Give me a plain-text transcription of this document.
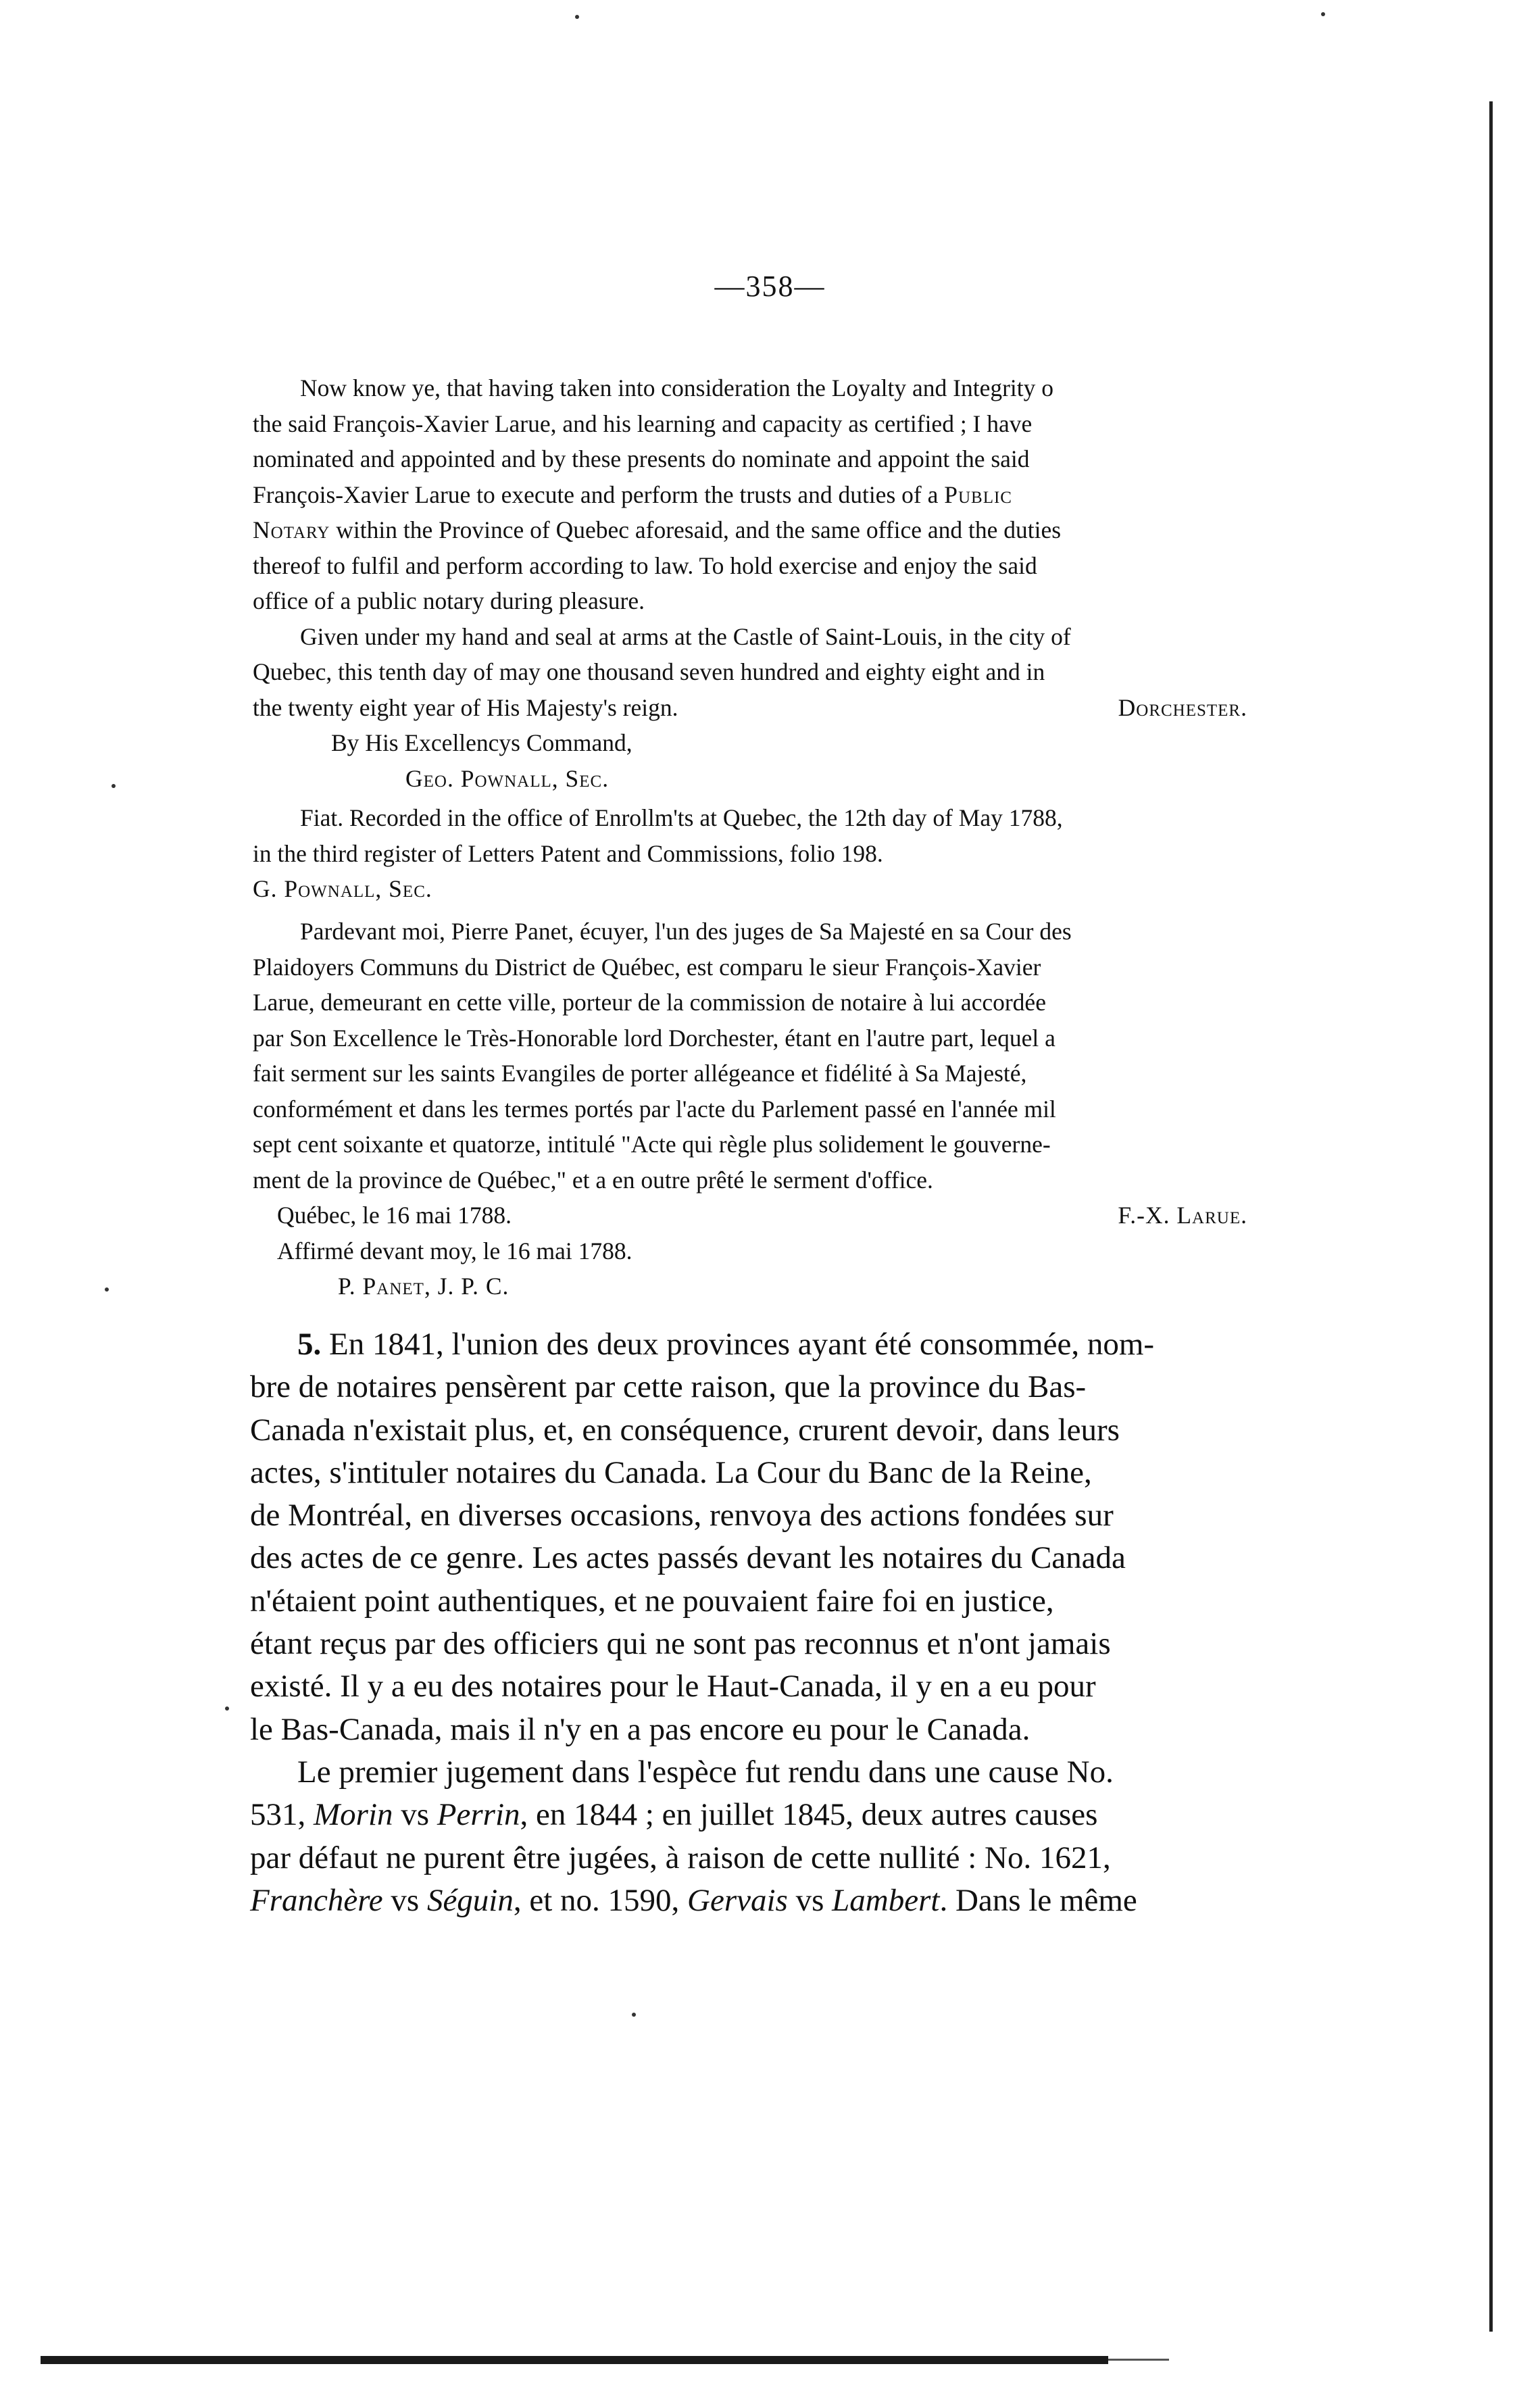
—358—

Now know ye, that having taken into consideration the Loyalty and Integrity o

the said François-Xavier Larue, and his learning and capacity as certified ; I have

nominated and appointed and by these presents do nominate and appoint the said

François-Xavier Larue to execute and perform the trusts and duties of a Public

Notary within the Province of Quebec aforesaid, and the same office and the duties

thereof to fulfil and perform according to law. To hold exercise and enjoy the said

office of a public notary during pleasure.

Given under my hand and seal at arms at the Castle of Saint-Louis, in the city of

Quebec, this tenth day of may one thousand seven hundred and eighty eight and in

the twenty eight year of His Majesty's reign.	Dorchester.

By His Excellencys Command,

Geo. Pownall, Sec.

Fiat. Recorded in the office of Enrollm'ts at Quebec, the 12th day of May 1788,

in the third register of Letters Patent and Commissions, folio 198.

G. Pownall, Sec.

Pardevant moi, Pierre Panet, écuyer, l'un des juges de Sa Majesté en sa Cour des

Plaidoyers Communs du District de Québec, est comparu le sieur François-Xavier

Larue, demeurant en cette ville, porteur de la commission de notaire à lui accordée

par Son Excellence le Très-Honorable lord Dorchester, étant en l'autre part, lequel a

fait serment sur les saints Evangiles de porter allégeance et fidélité à Sa Majesté,

conformément et dans les termes portés par l'acte du Parlement passé en l'année mil

sept cent soixante et quatorze, intitulé "Acte qui règle plus solidement le gouverne-

ment de la province de Québec," et a en outre prêté le serment d'office.

Québec, le 16 mai 1788.	F.-X. Larue.

Affirmé devant moy, le 16 mai 1788.

P. Panet, J. P. C.

5. En 1841, l'union des deux provinces ayant été consommée, nom-

bre de notaires pensèrent par cette raison, que la province du Bas-

Canada n'existait plus, et, en conséquence, crurent devoir, dans leurs

actes, s'intituler notaires du Canada. La Cour du Banc de la Reine,

de Montréal, en diverses occasions, renvoya des actions fondées sur

des actes de ce genre. Les actes passés devant les notaires du Canada

n'étaient point authentiques, et ne pouvaient faire foi en justice,

étant reçus par des officiers qui ne sont pas reconnus et n'ont jamais

existé. Il y a eu des notaires pour le Haut-Canada, il y en a eu pour

le Bas-Canada, mais il n'y en a pas encore eu pour le Canada.

Le premier jugement dans l'espèce fut rendu dans une cause No.

531, Morin vs Perrin, en 1844 ; en juillet 1845, deux autres causes

par défaut ne purent être jugées, à raison de cette nullité : No. 1621,

Franchère vs Séguin, et no. 1590, Gervais vs Lambert. Dans le même
